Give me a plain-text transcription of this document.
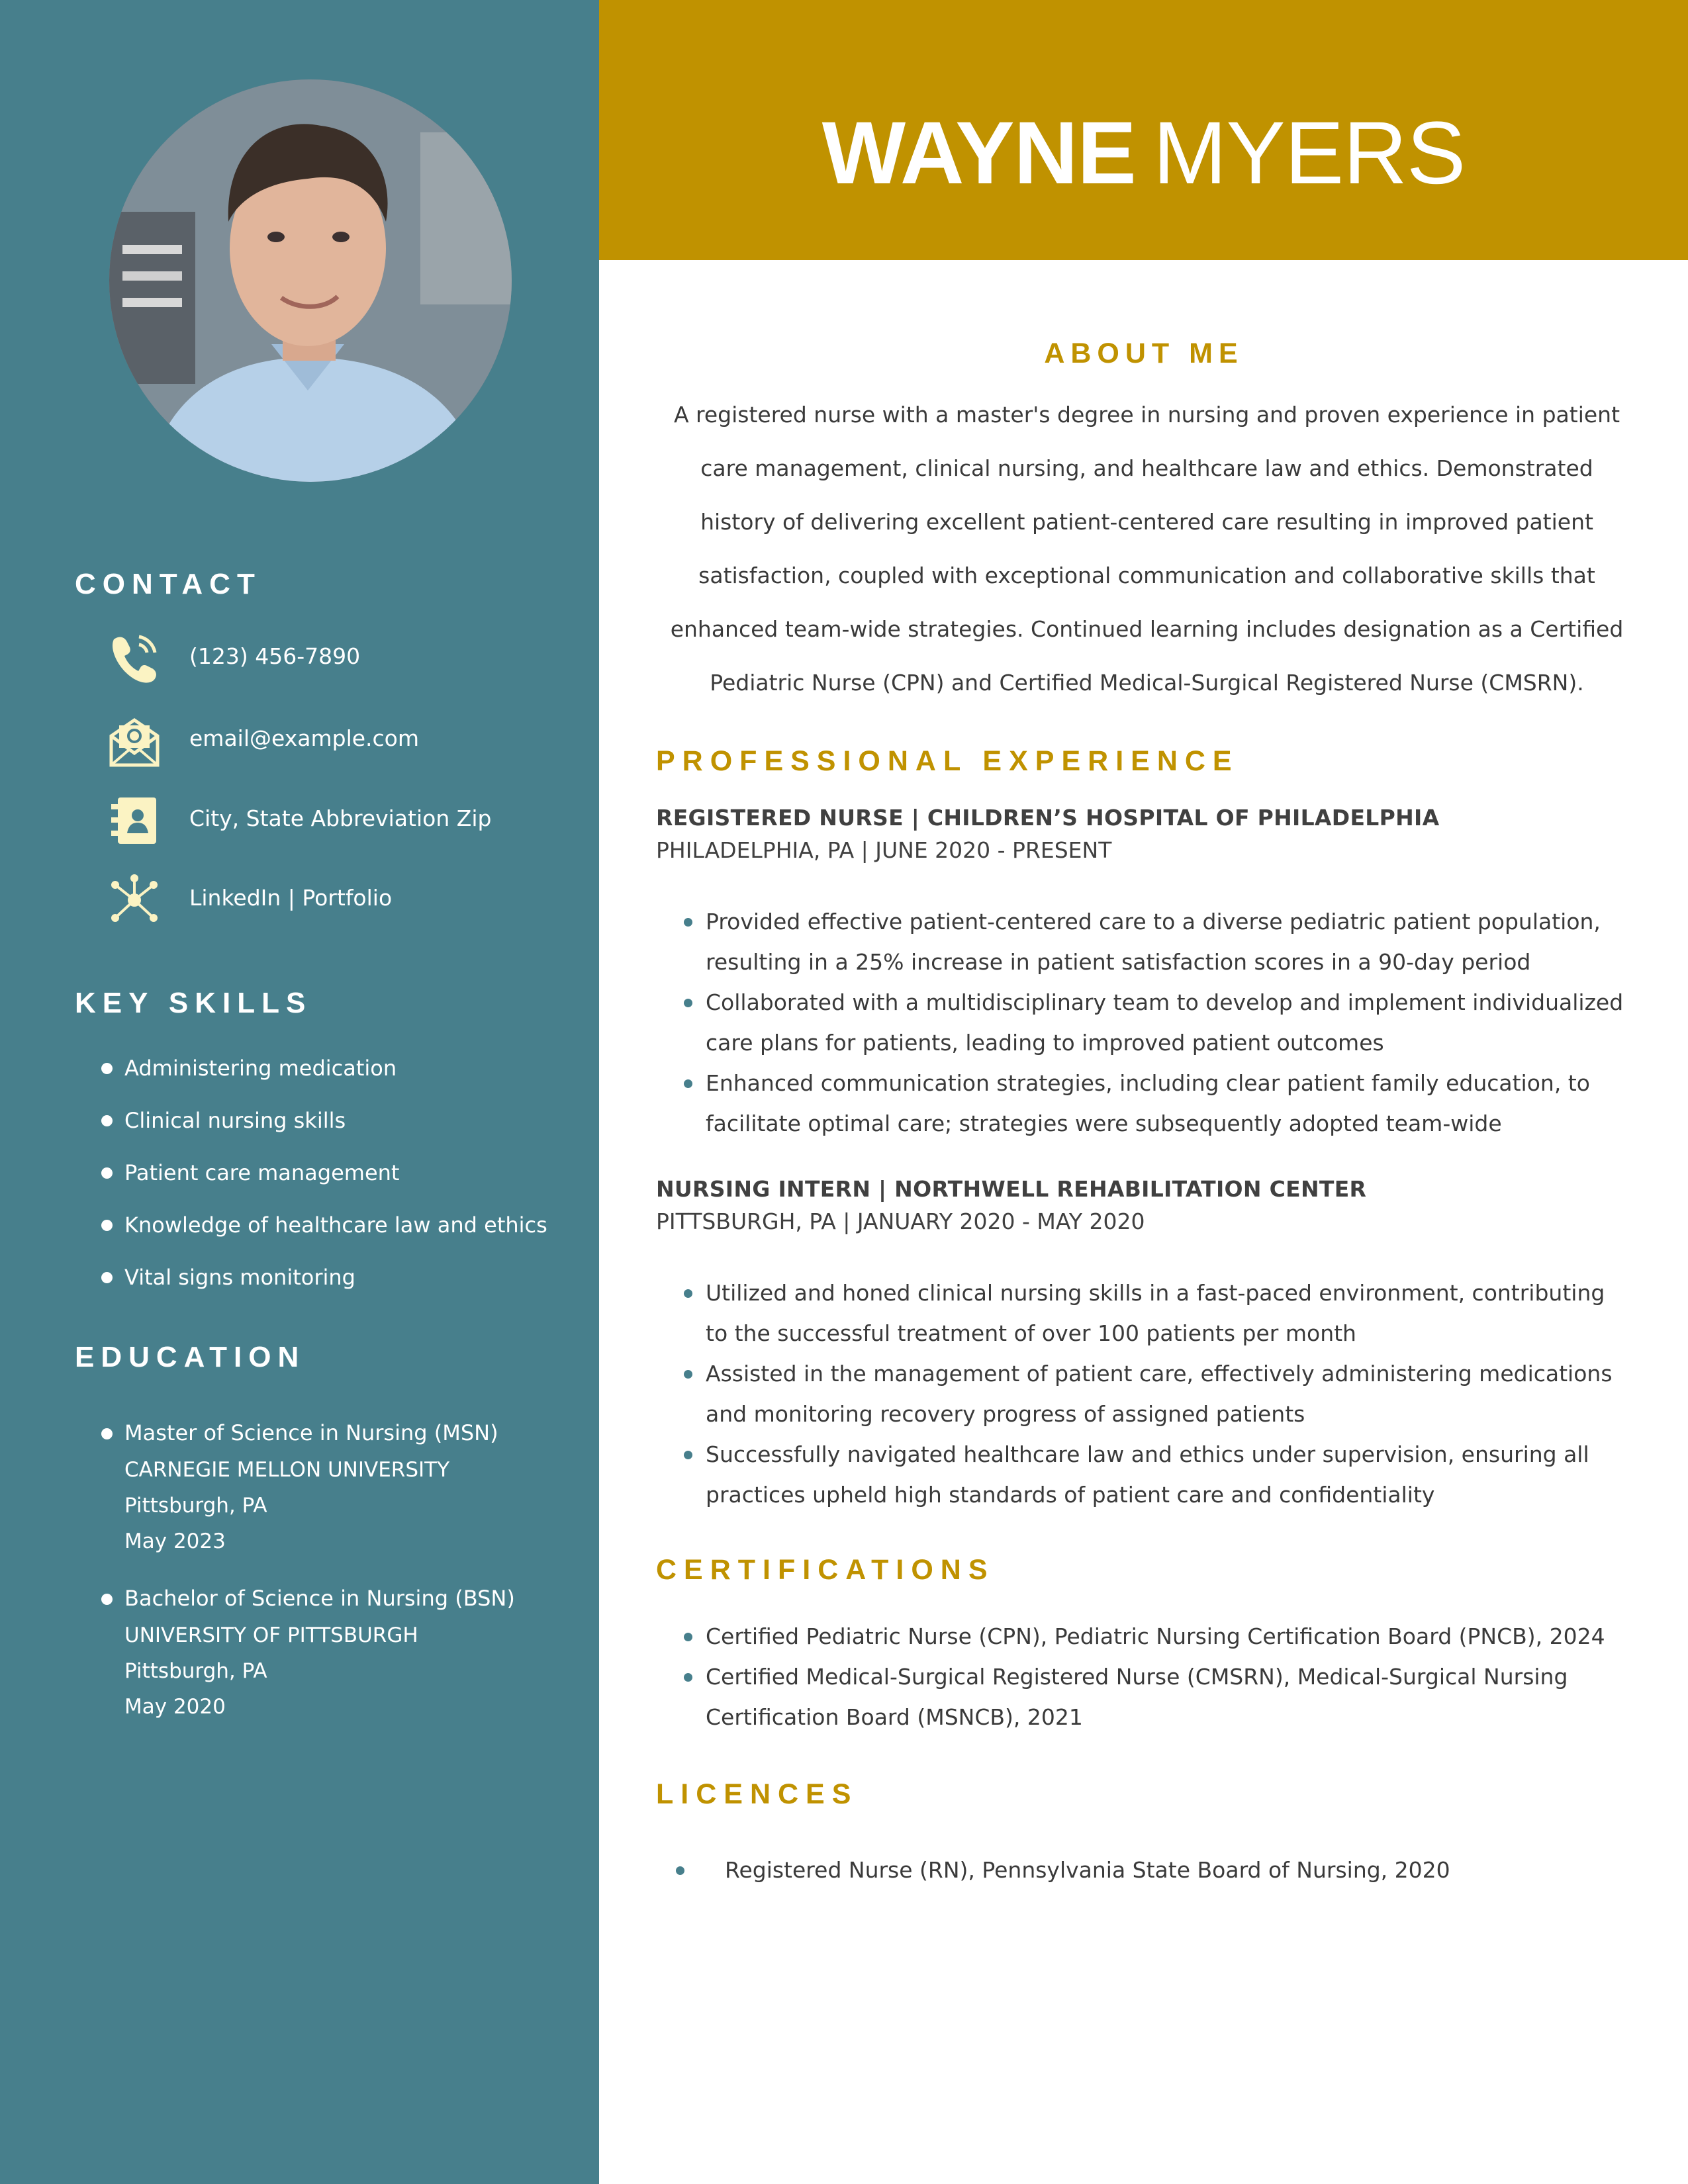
CONTACT
(123) 456-7890
email@example.com
City, State Abbreviation Zip
LinkedIn | Portfolio
KEY SKILLS
Administering medication
Clinical nursing skills
Patient care management
Knowledge of healthcare law and ethics
Vital signs monitoring
EDUCATION
Master of Science in Nursing (MSN)
CARNEGIE MELLON UNIVERSITY
Pittsburgh, PA
May 2023
Bachelor of Science in Nursing (BSN)
UNIVERSITY OF PITTSBURGH
Pittsburgh, PA
May 2020
WAYNE MYERS
ABOUT ME

A registered nurse with a master's degree in nursing and proven experience in patient
care management, clinical nursing, and healthcare law and ethics. Demonstrated
history of delivering excellent patient-centered care resulting in improved patient
satisfaction, coupled with exceptional communication and collaborative skills that
enhanced team-wide strategies. Continued learning includes designation as a Certified
Pediatric Nurse (CPN) and Certified Medical-Surgical Registered Nurse (CMSRN).

PROFESSIONAL EXPERIENCE
REGISTERED NURSE | CHILDREN’S HOSPITAL OF PHILADELPHIA
PHILADELPHIA, PA | JUNE 2020 - PRESENT
Provided effective patient-centered care to a diverse pediatric patient population,
resulting in a 25% increase in patient satisfaction scores in a 90-day period
Collaborated with a multidisciplinary team to develop and implement individualized
care plans for patients, leading to improved patient outcomes
Enhanced communication strategies, including clear patient family education, to
facilitate optimal care; strategies were subsequently adopted team-wide
NURSING INTERN | NORTHWELL REHABILITATION CENTER
PITTSBURGH, PA | JANUARY 2020 - MAY 2020
Utilized and honed clinical nursing skills in a fast-paced environment, contributing
to the successful treatment of over 100 patients per month
Assisted in the management of patient care, effectively administering medications
and monitoring recovery progress of assigned patients
Successfully navigated healthcare law and ethics under supervision, ensuring all
practices upheld high standards of patient care and confidentiality
CERTIFICATIONS
Certified Pediatric Nurse (CPN), Pediatric Nursing Certification Board (PNCB), 2024
Certified Medical-Surgical Registered Nurse (CMSRN), Medical-Surgical Nursing
Certification Board (MSNCB), 2021
LICENCES
Registered Nurse (RN), Pennsylvania State Board of Nursing, 2020
